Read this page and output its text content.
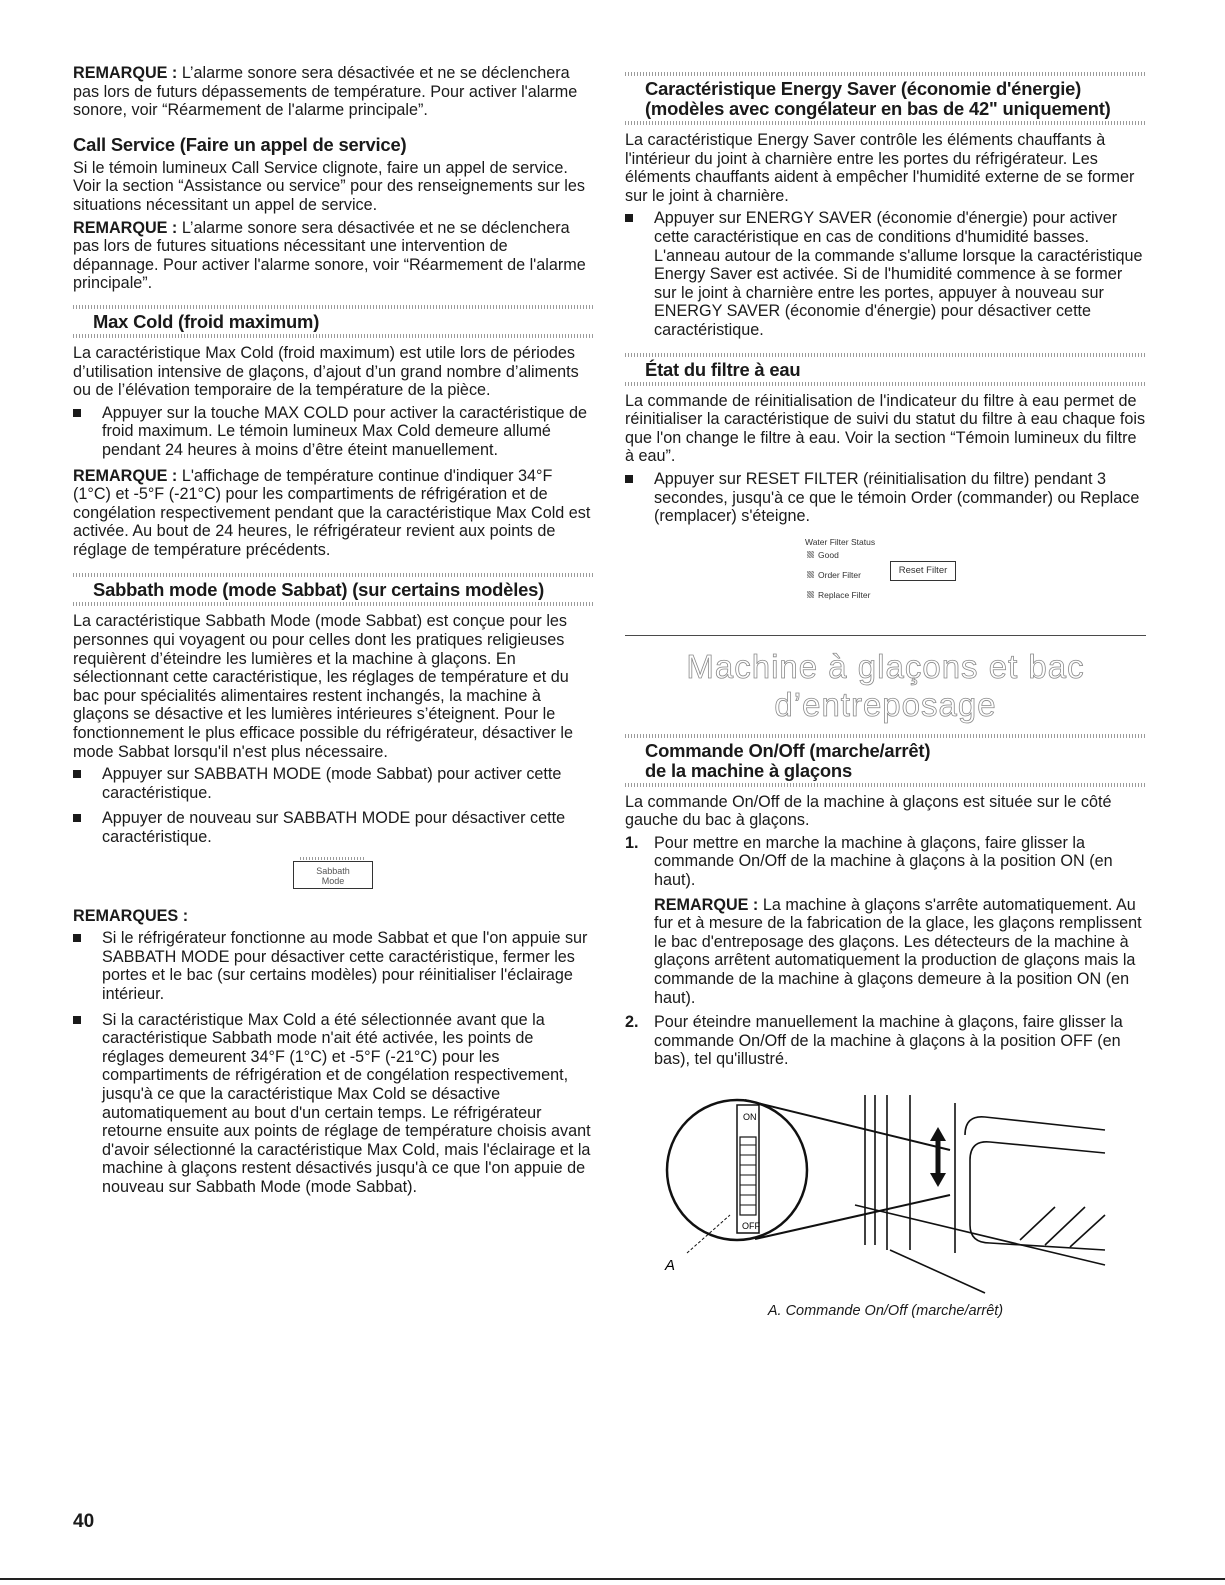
REMARQUE : L’alarme sonore sera désactivée et ne se déclenchera pas lors de futurs dépassements de température. Pour activer l'alarme sonore, voir “Réarmement de l'alarme principale”.

Call Service (Faire un appel de service)

Si le témoin lumineux Call Service clignote, faire un appel de service. Voir la section “Assistance ou service” pour des renseignements sur les situations nécessitant un appel de service.

REMARQUE : L’alarme sonore sera désactivée et ne se déclenchera pas lors de futures situations nécessitant une intervention de dépannage. Pour activer l'alarme sonore, voir “Réarmement de l'alarme principale”.

Max Cold (froid maximum)

La caractéristique Max Cold (froid maximum) est utile lors de périodes d’utilisation intensive de glaçons, d’ajout d’un grand nombre d’aliments ou de l’élévation temporaire de la température de la pièce.

Appuyer sur la touche MAX COLD pour activer la caractéristique de froid maximum. Le témoin lumineux Max Cold demeure allumé pendant 24 heures à moins d’être éteint manuellement.

REMARQUE : L'affichage de température continue d'indiquer 34°F (1°C) et -5°F (-21°C) pour les compartiments de réfrigération et de congélation respectivement pendant que la caractéristique Max Cold est activée. Au bout de 24 heures, le réfrigérateur revient aux points de réglage de température précédents.

Sabbath mode (mode Sabbat) (sur certains modèles)

La caractéristique Sabbath Mode (mode Sabbat) est conçue pour les personnes qui voyagent ou pour celles dont les pratiques religieuses requièrent d’éteindre les lumières et la machine à glaçons. En sélectionnant cette caractéristique, les réglages de température et du bac pour spécialités alimentaires restent inchangés, la machine à glaçons se désactive et les lumières intérieures s’éteignent. Pour le fonctionnement le plus efficace possible du réfrigérateur, désactiver le mode Sabbat lorsqu'il n'est plus nécessaire.

Appuyer sur SABBATH MODE (mode Sabbat) pour activer cette caractéristique.
Appuyer de nouveau sur SABBATH MODE pour désactiver cette caractéristique.
Sabbath
Mode

REMARQUES :

Si le réfrigérateur fonctionne au mode Sabbat et que l'on appuie sur SABBATH MODE pour désactiver cette caractéristique, fermer les portes et le bac (sur certains modèles) pour réinitialiser l'éclairage intérieur.
Si la caractéristique Max Cold a été sélectionnée avant que la caractéristique Sabbath mode n'ait été activée, les points de réglages demeurent 34°F (1°C) et -5°F (-21°C) pour les compartiments de réfrigération et de congélation respectivement, jusqu'à ce que la caractéristique Max Cold se désactive automatiquement au bout d'un certain temps. Le réfrigérateur retourne ensuite aux points de réglage de température choisis avant d'avoir sélectionné la caractéristique Max Cold, mais l'éclairage et la machine à glaçons restent désactivés jusqu'à ce que l'on appuie de nouveau sur Sabbath Mode (mode Sabbat).
Caractéristique Energy Saver (économie d'énergie)
(modèles avec congélateur en bas de 42" uniquement)

La caractéristique Energy Saver contrôle les éléments chauffants à l'intérieur du joint à charnière entre les portes du réfrigérateur. Les éléments chauffants aident à empêcher l'humidité externe de se former sur le joint à charnière.

Appuyer sur ENERGY SAVER (économie d'énergie) pour activer cette caractéristique en cas de conditions d'humidité basses. L'anneau autour de la commande s'allume lorsque la caractéristique Energy Saver est activée. Si de l'humidité commence à se former sur le joint à charnière entre les portes, appuyer à nouveau sur ENERGY SAVER (économie d'énergie) pour désactiver cette caractéristique.
État du filtre à eau

La commande de réinitialisation de l'indicateur du filtre à eau permet de réinitialiser la caractéristique de suivi du statut du filtre à eau chaque fois que l'on change le filtre à eau. Voir la section “Témoin lumineux du filtre à eau”.

Appuyer sur RESET FILTER (réinitialisation du filtre) pendant 3 secondes, jusqu'à ce que le témoin Order (commander) ou Replace (remplacer) s'éteigne.
Water Filter Status
Good
Order Filter
Replace Filter
Reset Filter
Machine à glaçons et bac
d’entreposage
Commande On/Off (marche/arrêt)
de la machine à glaçons

La commande On/Off de la machine à glaçons est située sur le côté gauche du bac à glaçons.

1. Pour mettre en marche la machine à glaçons, faire glisser la commande On/Off de la machine à glaçons à la position ON (en haut).
REMARQUE : La machine à glaçons s'arrête automatiquement. Au fur et à mesure de la fabrication de la glace, les glaçons remplissent le bac d'entreposage des glaçons. Les détecteurs de la machine à glaçons arrêtent automatiquement la production de glaçons mais la commande de la machine à glaçons demeure à la position ON (en haut).
2. Pour éteindre manuellement la machine à glaçons, faire glisser la commande On/Off de la machine à glaçons à la position OFF (en bas), tel qu'illustré.
ON
OFF
A
A. Commande On/Off (marche/arrêt)
40
